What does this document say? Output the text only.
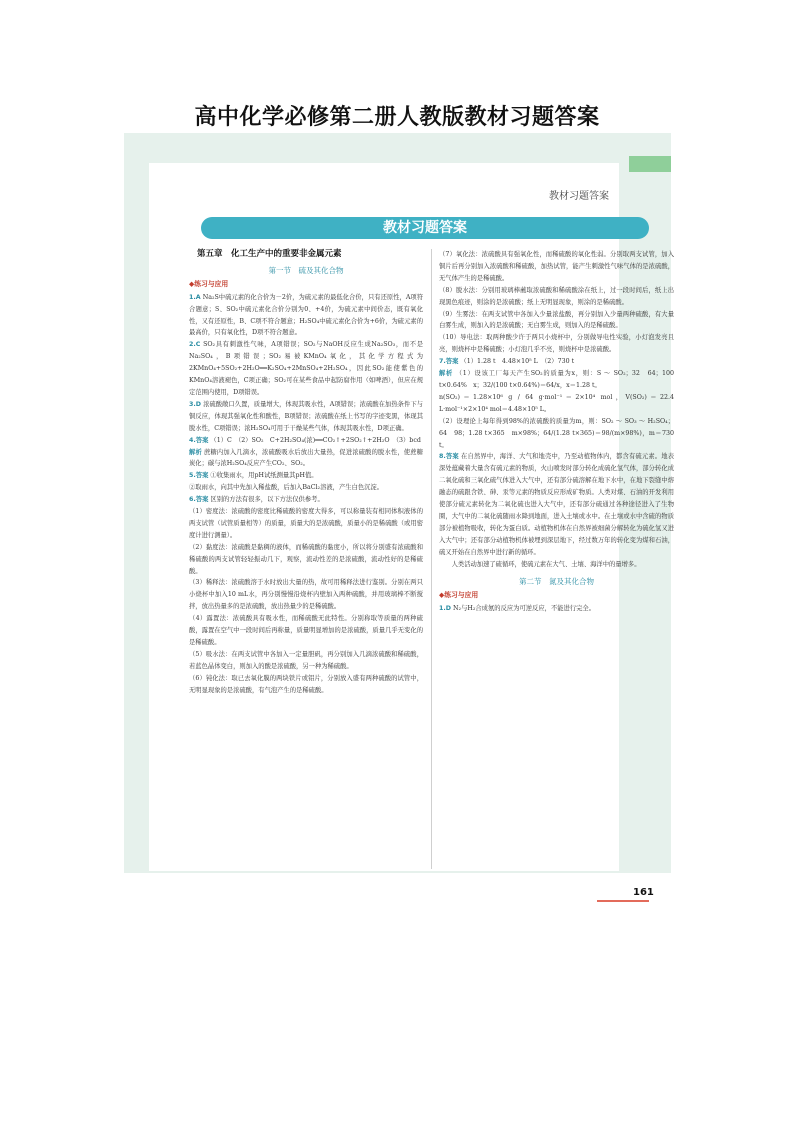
高中化学必修第二册人教版教材习题答案
教材习题答案
教材习题答案
第五章　化工生产中的重要非金属元素
第一节　硫及其化合物
◆练习与应用

1.A Na₂S中硫元素的化合价为－2价，为硫元素的最低化合价，只有还原性，A项符合题意；S、SO₂中硫元素化合价分别为0、+4价，为硫元素中间价态，既有氧化性，又有还原性，B、C项不符合题意；H₂SO₄中硫元素化合价为+6价，为硫元素的最高价，只有氧化性，D项不符合题意。

2.C SO₂具有刺激性气味，A项错误；SO₂与NaOH反应生成Na₂SO₃，而不是Na₂SO₄，B项错误；SO₂易被KMnO₄氧化，其化学方程式为2KMnO₄+5SO₂+2H₂O══K₂SO₄+2MnSO₄+2H₂SO₄，因此SO₂能使紫色的KMnO₄溶液褪色，C项正确；SO₂可在某些食品中起防腐作用（如啤酒），但应在规定范围内使用，D项错误。

3.D 浓硫酸敞口久置，质量增大，体现其吸水性，A项错误；浓硫酸在加热条件下与铜反应，体现其强氧化性和酸性，B项错误；浓硫酸在纸上书写的字迹变黑，体现其脱水性，C项错误；浓H₂SO₄可用于干燥某些气体，体现其吸水性，D项正确。

4.答案 （1）C　（2）SO₂　C+2H₂SO₄(浓)══CO₂↑+2SO₂↑+2H₂O　（3）bcd

解析 蔗糖内加入几滴水，浓硫酸吸水后放出大量热，促进浓硫酸的脱水性，使蔗糖炭化；碳与浓H₂SO₄反应产生CO₂、SO₂。

5.答案 ①收集雨水，用pH试纸测量其pH值。

②取雨水，向其中先加入稀盐酸，后加入BaCl₂溶液，产生白色沉淀。

6.答案 区别的方法有很多，以下方法仅供参考。

（1）密度法：浓硫酸的密度比稀硫酸的密度大得多，可以称量装有相同体积液体的两支试管（试管质量相等）的质量，质量大的是浓硫酸，质量小的是稀硫酸（或用密度计进行测量）。

（2）黏度法：浓硫酸是黏稠的液体，而稀硫酸的黏度小，所以将分别盛有浓硫酸和稀硫酸的两支试管轻轻振动几下，观察，流动性差的是浓硫酸，流动性好的是稀硫酸。

（3）稀释法：浓硫酸溶于水时放出大量的热，故可用稀释法进行鉴别。分别在两只小烧杯中加入10 mL水，再分别慢慢沿烧杯内壁加入两种硫酸，并用玻璃棒不断搅拌，放出热量多的是浓硫酸，放出热量少的是稀硫酸。

（4）露置法：浓硫酸具有吸水性，而稀硫酸无此特性。分别称取等质量的两种硫酸，露置在空气中一段时间后再称量，质量明显增加的是浓硫酸，质量几乎无变化的是稀硫酸。

（5）吸水法：在两支试管中各加入一定量胆矾，再分别加入几滴浓硫酸和稀硫酸，若蓝色晶体变白，则加入的酸是浓硫酸，另一种为稀硫酸。

（6）钝化法：取已去氧化膜的两块铁片或铝片，分别放入盛有两种硫酸的试管中，无明显现象的是浓硫酸，有气泡产生的是稀硫酸。

（7）氧化法：浓硫酸具有强氧化性，而稀硫酸的氧化性弱。分别取两支试管，加入铜片后再分别加入浓硫酸和稀硫酸，加热试管，能产生刺激性气味气体的是浓硫酸，无气体产生的是稀硫酸。

（8）脱水法：分别用玻璃棒蘸取浓硫酸和稀硫酸涂在纸上，过一段时间后，纸上出现黑色痕迹，则涂的是浓硫酸；纸上无明显现象，则涂的是稀硫酸。

（9）生雾法：在两支试管中各加入少量浓盐酸，再分别加入少量两种硫酸，有大量白雾生成，则加入的是浓硫酸；无白雾生成，则加入的是稀硫酸。

（10）导电法：取两种酸少许于两只小烧杯中，分别做导电性实验，小灯泡发亮且亮，则烧杯中是稀硫酸；小灯泡几乎不亮，则烧杯中是浓硫酸。

7.答案 （1）1.28 t　4.48×10⁵ L　（2）730 t

解析 （1）设该工厂每天产生SO₂的质量为x，则：S ～ SO₂；32　64；100 t×0.64%　x；32/(100 t×0.64%)＝64/x，x＝1.28 t。

n(SO₂)＝1.28×10⁶ g / 64 g·mol⁻¹＝2×10⁴ mol，V(SO₂)＝22.4 L·mol⁻¹×2×10⁴ mol＝4.48×10⁵ L。

（2）设理论上每年得到98%的浓硫酸的质量为m，则：SO₂ ～ SO₃ ～ H₂SO₄；64　98；1.28 t×365　m×98%；64/(1.28 t×365)＝98/(m×98%)，m＝730 t。

8.答案 在自然界中，海洋、大气和地壳中，乃至动植物体内，都含有硫元素。地表深处蕴藏着大量含有硫元素的物质，火山喷发时部分转化成硫化氢气体，部分转化成二氧化硫和三氧化硫气体进入大气中，还有部分硫溶解在地下水中，在地下裂缝中熔融态的硫跟含铁、砷、汞等元素的物质反应形成矿物质。人类对煤、石油的开发利用使部分硫元素转化为二氧化硫也进入大气中，还有部分硫通过各种途径进入了生物圈，大气中的二氧化硫随雨水降到地面，进入土壤或水中。在土壤或水中含硫的物质部分被植物吸收，转化为蛋白质。动植物机体在自然界被细菌分解转化为硫化氢又进入大气中；还有部分动植物机体被埋到深层地下，经过数万年的转化变为煤和石油，硫又开始在自然界中进行新的循环。

　　人类活动加速了硫循环，使硫元素在大气、土壤、海洋中的量增多。

第二节　氮及其化合物
◆练习与应用

1.D N₂与H₂合成氨的反应为可逆反应，不能进行完全。

161
